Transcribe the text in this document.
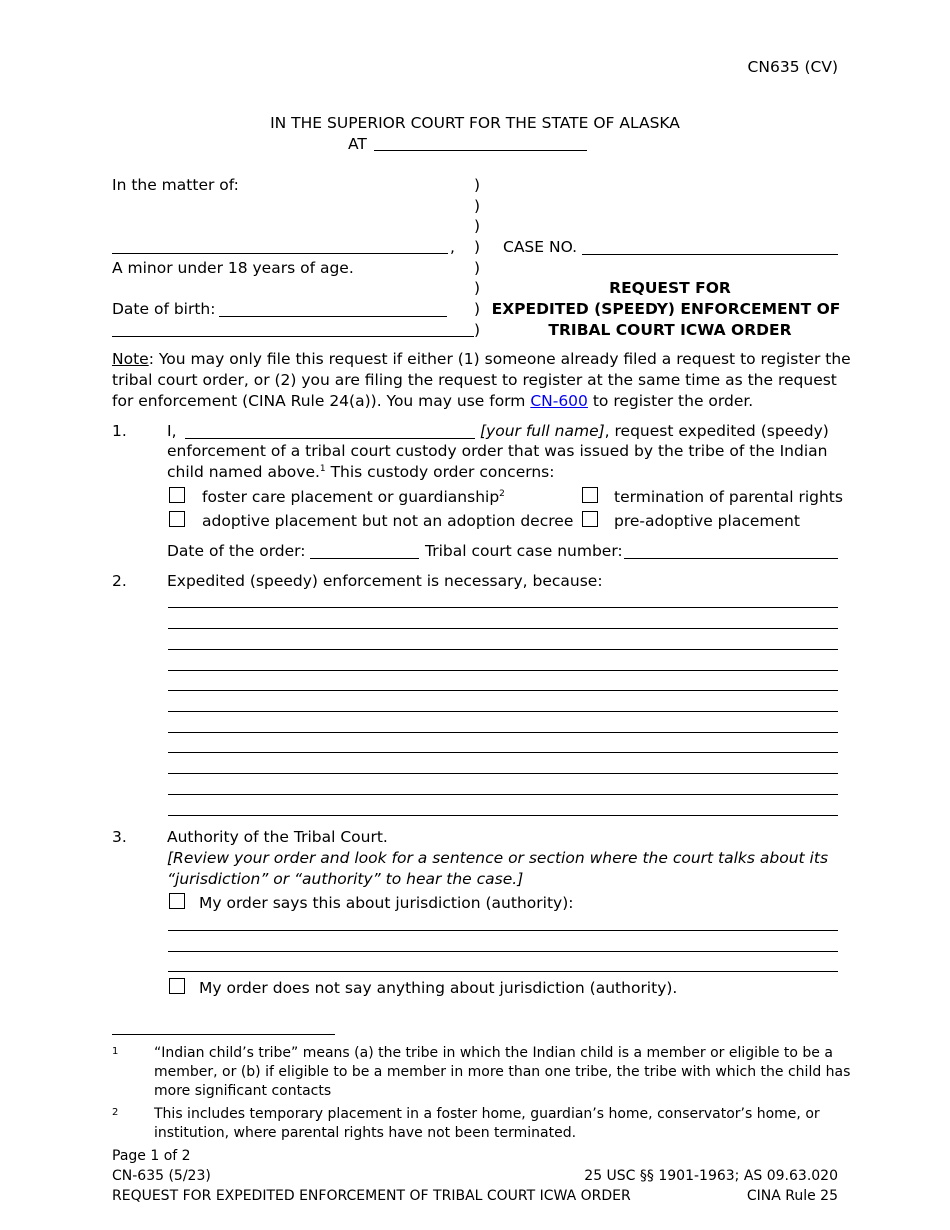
CN635 (CV)
IN THE SUPERIOR COURT FOR THE STATE OF ALASKA
AT
In the matter of:
,
A minor under 18 years of age.
Date of birth:
)
)
)
)
)
)
)
)
CASE NO.
REQUEST FOR
EXPEDITED (SPEEDY) ENFORCEMENT OF
TRIBAL COURT ICWA ORDER
Note: You may only file this request if either (1) someone already filed a request to register the
tribal court order, or (2) you are filing the request to register at the same time as the request
for enforcement (CINA Rule 24(a)). You may use form CN-600 to register the order.
1.	I,	[your full name], request expedited (speedy)
enforcement of a tribal court custody order that was issued by the tribe of the Indian
child named above.$^1$ This custody order concerns:
foster care placement or guardianship$^2$	termination of parental rights
adoptive placement but not an adoption decree	pre-adoptive placement
Date of the order:	Tribal court case number:
2.	Expedited (speedy) enforcement is necessary, because:
3.	Authority of the Tribal Court.
[Review your order and look for a sentence or section where the court talks about its
“jurisdiction” or “authority” to hear the case.]
My order says this about jurisdiction (authority):
My order does not say anything about jurisdiction (authority).
1	“Indian child’s tribe” means (a) the tribe in which the Indian child is a member or eligible to be a
member, or (b) if eligible to be a member in more than one tribe, the tribe with which the child has
more significant contacts
2	This includes temporary placement in a foster home, guardian’s home, conservator’s home, or
institution, where parental rights have not been terminated.
Page 1 of 2
CN-635 (5/23)	25 USC §§ 1901-1963; AS 09.63.020
REQUEST FOR EXPEDITED ENFORCEMENT OF TRIBAL COURT ICWA ORDER	CINA Rule 25
